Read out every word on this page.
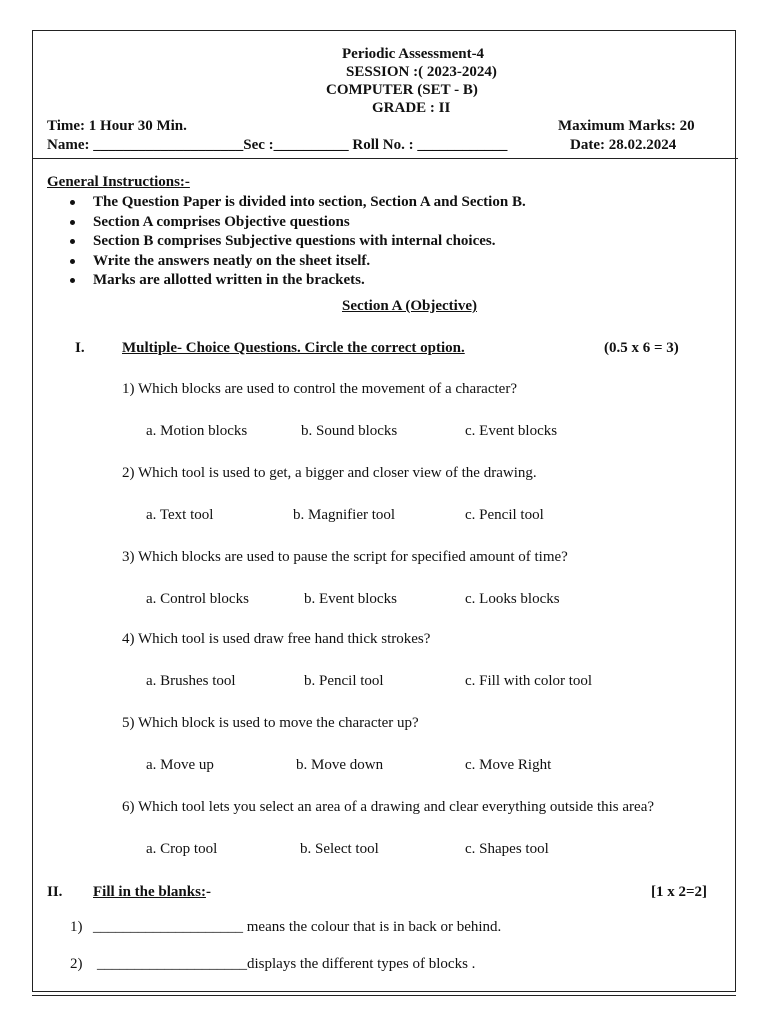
Periodic Assessment-4
SESSION :( 2023-2024)
COMPUTER (SET - B)
GRADE : II
Time: 1 Hour 30 Min.	Maximum Marks: 20
Name: ____________________Sec :__________ Roll No. : ____________	Date: 28.02.2024
General Instructions:-
The Question Paper is divided into section, Section A and Section B.
Section A comprises Objective questions
Section B comprises Subjective questions with internal choices.
Write the answers neatly on the sheet itself.
Marks are allotted written in the brackets.
Section A (Objective)
I. Multiple- Choice Questions. Circle the correct option.	(0.5 x 6 = 3)
1) Which blocks are used to control the movement of a character?
a. Motion blocks	b. Sound blocks	c. Event blocks
2) Which tool is used to get, a bigger and closer view of the drawing.
a. Text tool	b. Magnifier tool	c. Pencil tool
3) Which blocks are used to pause the script for specified amount of time?
a. Control blocks	b. Event blocks	c. Looks blocks
4) Which tool is used draw free hand thick strokes?
a. Brushes tool	b. Pencil tool	c. Fill with color tool
5) Which block is used to move the character up?
a. Move up	b. Move down	c. Move Right
6) Which tool lets you select an area of a drawing and clear everything outside this area?
a. Crop tool	b. Select tool	c. Shapes tool
II. Fill in the blanks:-	[1 x 2=2]
1) ____________________ means the colour that is in back or behind.
2) ____________________displays the different types of blocks .
